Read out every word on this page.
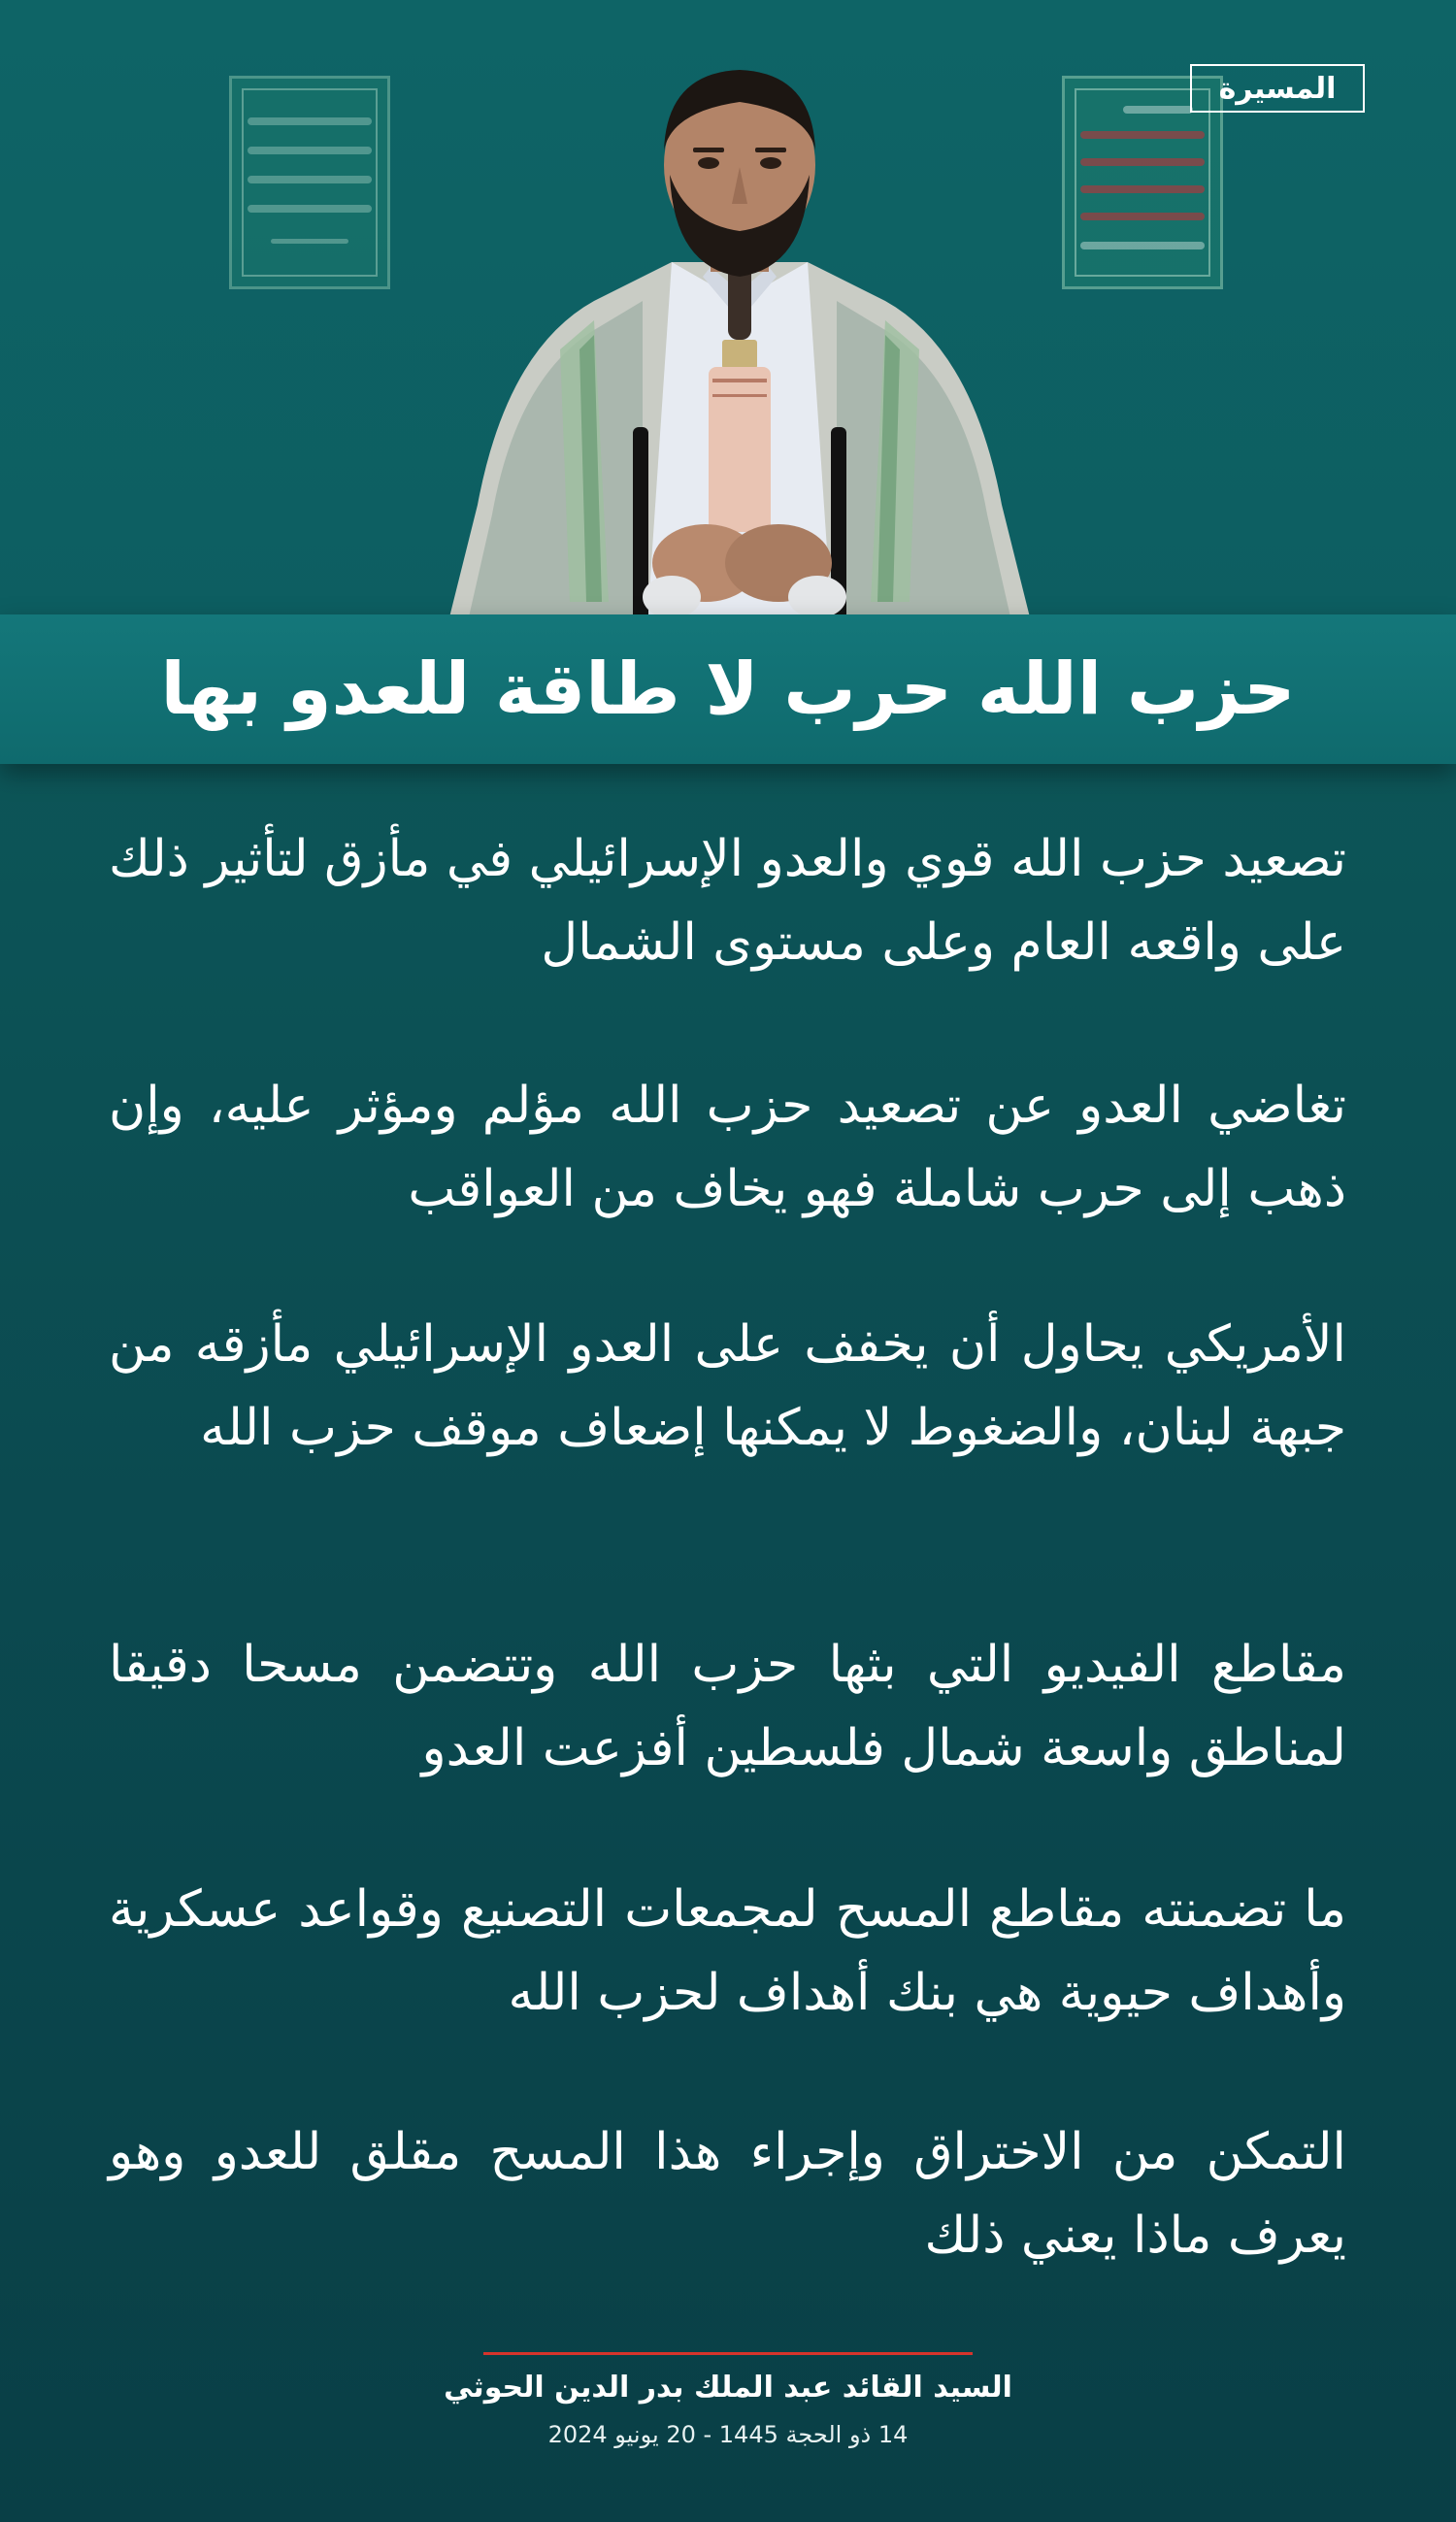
المسيرة
حزب الله حرب لا طاقة للعدو بها
تصعيد حزب الله قوي والعدو الإسرائيلي في مأزق لتأثير ذلك على واقعه العام وعلى مستوى الشمال
تغاضي العدو عن تصعيد حزب الله مؤلم ومؤثر عليه، وإن ذهب إلى حرب شاملة فهو يخاف من العواقب
الأمريكي يحاول أن يخفف على العدو الإسرائيلي مأزقه من جبهة لبنان، والضغوط لا يمكنها إضعاف موقف حزب الله
مقاطع الفيديو التي بثها حزب الله وتتضمن مسحا دقيقا لمناطق واسعة شمال فلسطين أفزعت العدو
ما تضمنته مقاطع المسح لمجمعات التصنيع وقواعد عسكرية وأهداف حيوية هي بنك أهداف لحزب الله
التمكن من الاختراق وإجراء هذا المسح مقلق للعدو وهو يعرف ماذا يعني ذلك
السيد القائد عبد الملك بدر الدين الحوثي
14 ذو الحجة 1445 - 20 يونيو 2024
